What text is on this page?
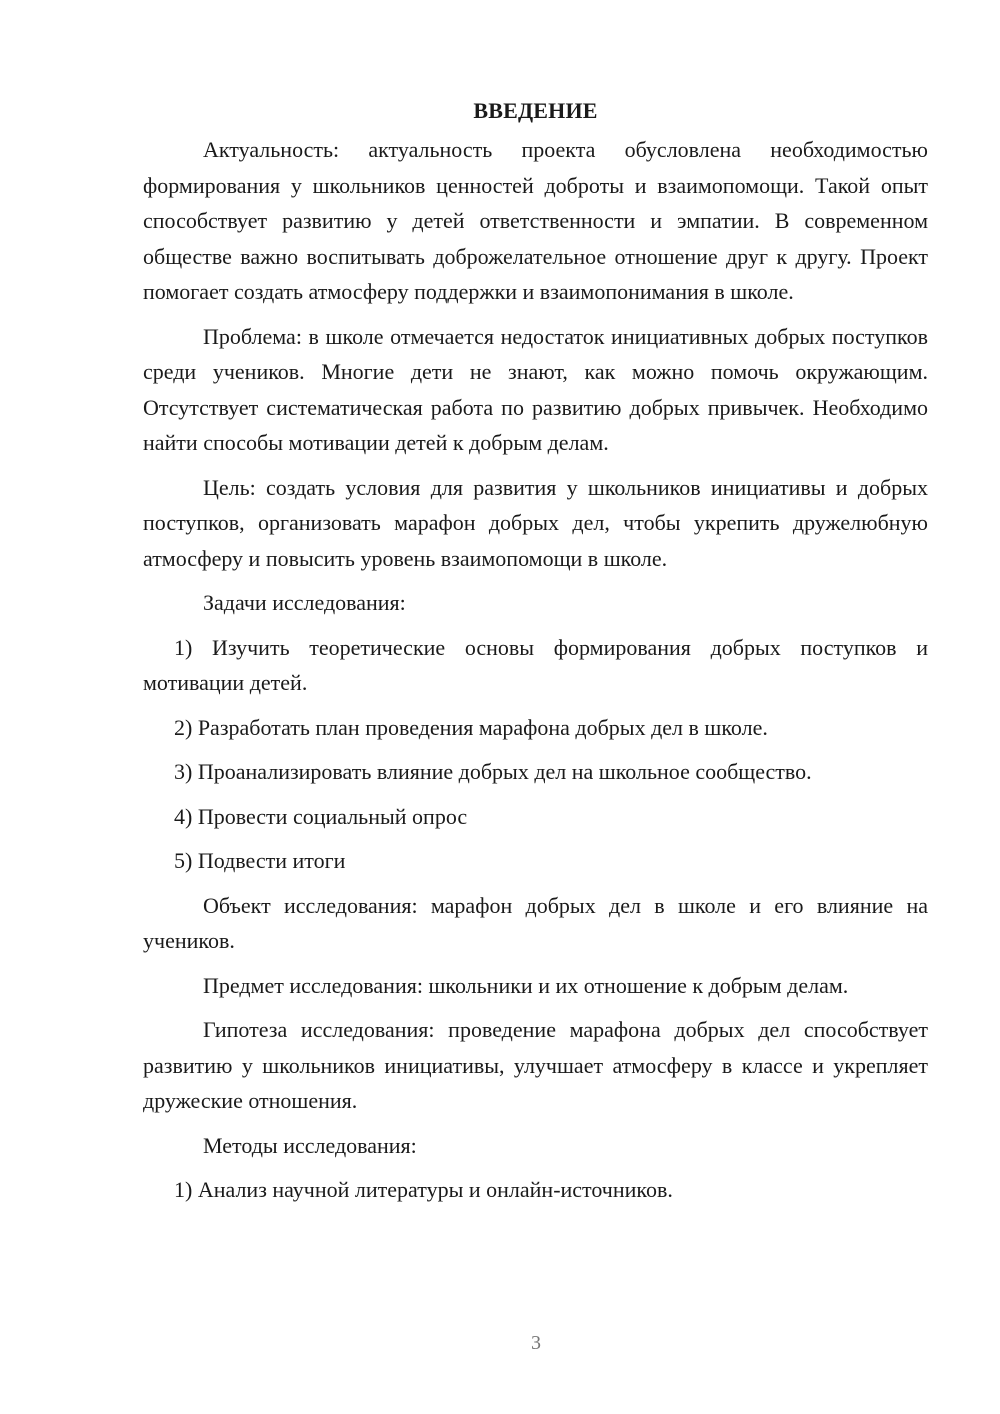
ВВЕДЕНИЕ

Актуальность: актуальность проекта обусловлена необходимостью формирования у школьников ценностей доброты и взаимопомощи. Такой опыт способствует развитию у детей ответственности и эмпатии. В современном обществе важно воспитывать доброжелательное отношение друг к другу. Проект помогает создать атмосферу поддержки и взаимопонимания в школе.

Проблема: в школе отмечается недостаток инициативных добрых поступков среди учеников. Многие дети не знают, как можно помочь окружающим. Отсутствует систематическая работа по развитию добрых привычек. Необходимо найти способы мотивации детей к добрым делам.

Цель: создать условия для развития у школьников инициативы и добрых поступков, организовать марафон добрых дел, чтобы укрепить дружелюбную атмосферу и повысить уровень взаимопомощи в школе.

Задачи исследования:

1) Изучить теоретические основы формирования добрых поступков и мотивации детей.

2) Разработать план проведения марафона добрых дел в школе.

3) Проанализировать влияние добрых дел на школьное сообщество.

4) Провести социальный опрос

5) Подвести итоги

Объект исследования: марафон добрых дел в школе и его влияние на учеников.

Предмет исследования: школьники и их отношение к добрым делам.

Гипотеза исследования: проведение марафона добрых дел способствует развитию у школьников инициативы, улучшает атмосферу в классе и укрепляет дружеские отношения.

Методы исследования:

1) Анализ научной литературы и онлайн-источников.

3
